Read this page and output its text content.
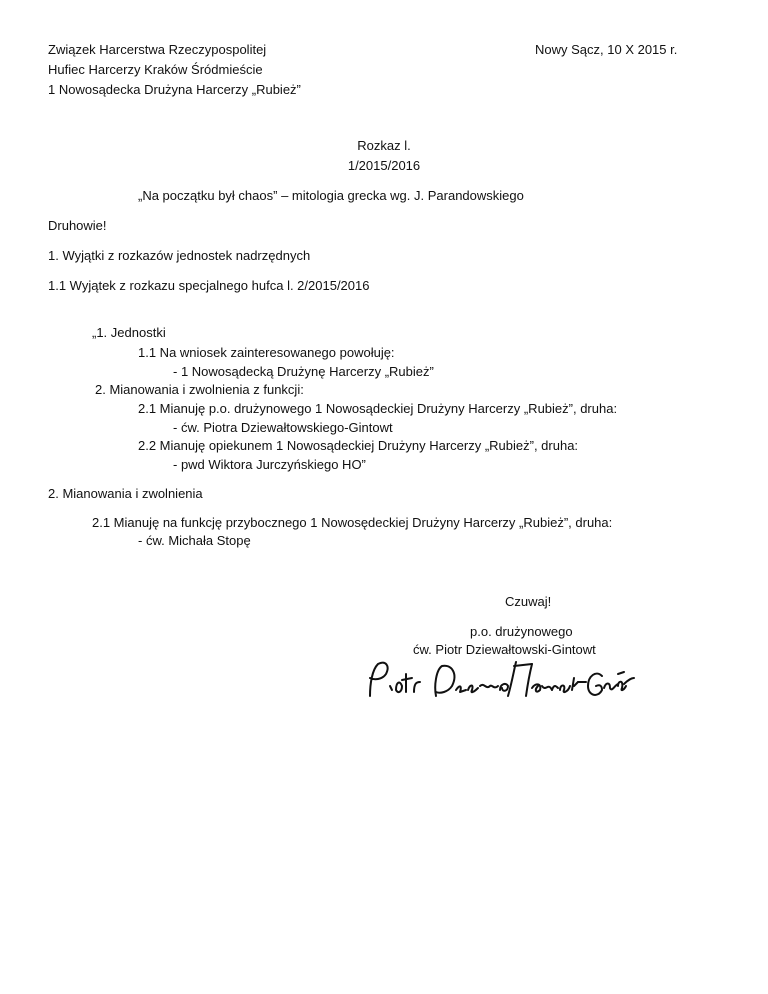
Związek Harcerstwa Rzeczypospolitej
Hufiec Harcerzy Kraków Śródmieście
1 Nowosądecka Drużyna Harcerzy „Rubież”
Nowy Sącz, 10 X 2015 r.
Rozkaz l.
1/2015/2016
„Na początku był chaos” – mitologia grecka wg. J. Parandowskiego
Druhowie!
1. Wyjątki z rozkazów jednostek nadrzędnych
1.1 Wyjątek z rozkazu specjalnego hufca l. 2/2015/2016
„1. Jednostki
1.1 Na wniosek zainteresowanego powołuję:
- 1 Nowosądecką Drużynę Harcerzy „Rubież”
2. Mianowania i zwolnienia z funkcji:
2.1 Mianuję p.o. drużynowego 1 Nowosądeckiej Drużyny Harcerzy „Rubież”, druha:
- ćw. Piotra Dziewałtowskiego-Gintowt
2.2 Mianuję opiekunem 1 Nowosądeckiej Drużyny Harcerzy „Rubież”, druha:
- pwd Wiktora Jurczyńskiego HO”
2. Mianowania i zwolnienia
2.1 Mianuję na funkcję przybocznego 1 Nowosędeckiej Drużyny Harcerzy „Rubież”, druha:
- ćw. Michała Stopę
Czuwaj!
p.o. drużynowego
ćw. Piotr Dziewałtowski-Gintowt
